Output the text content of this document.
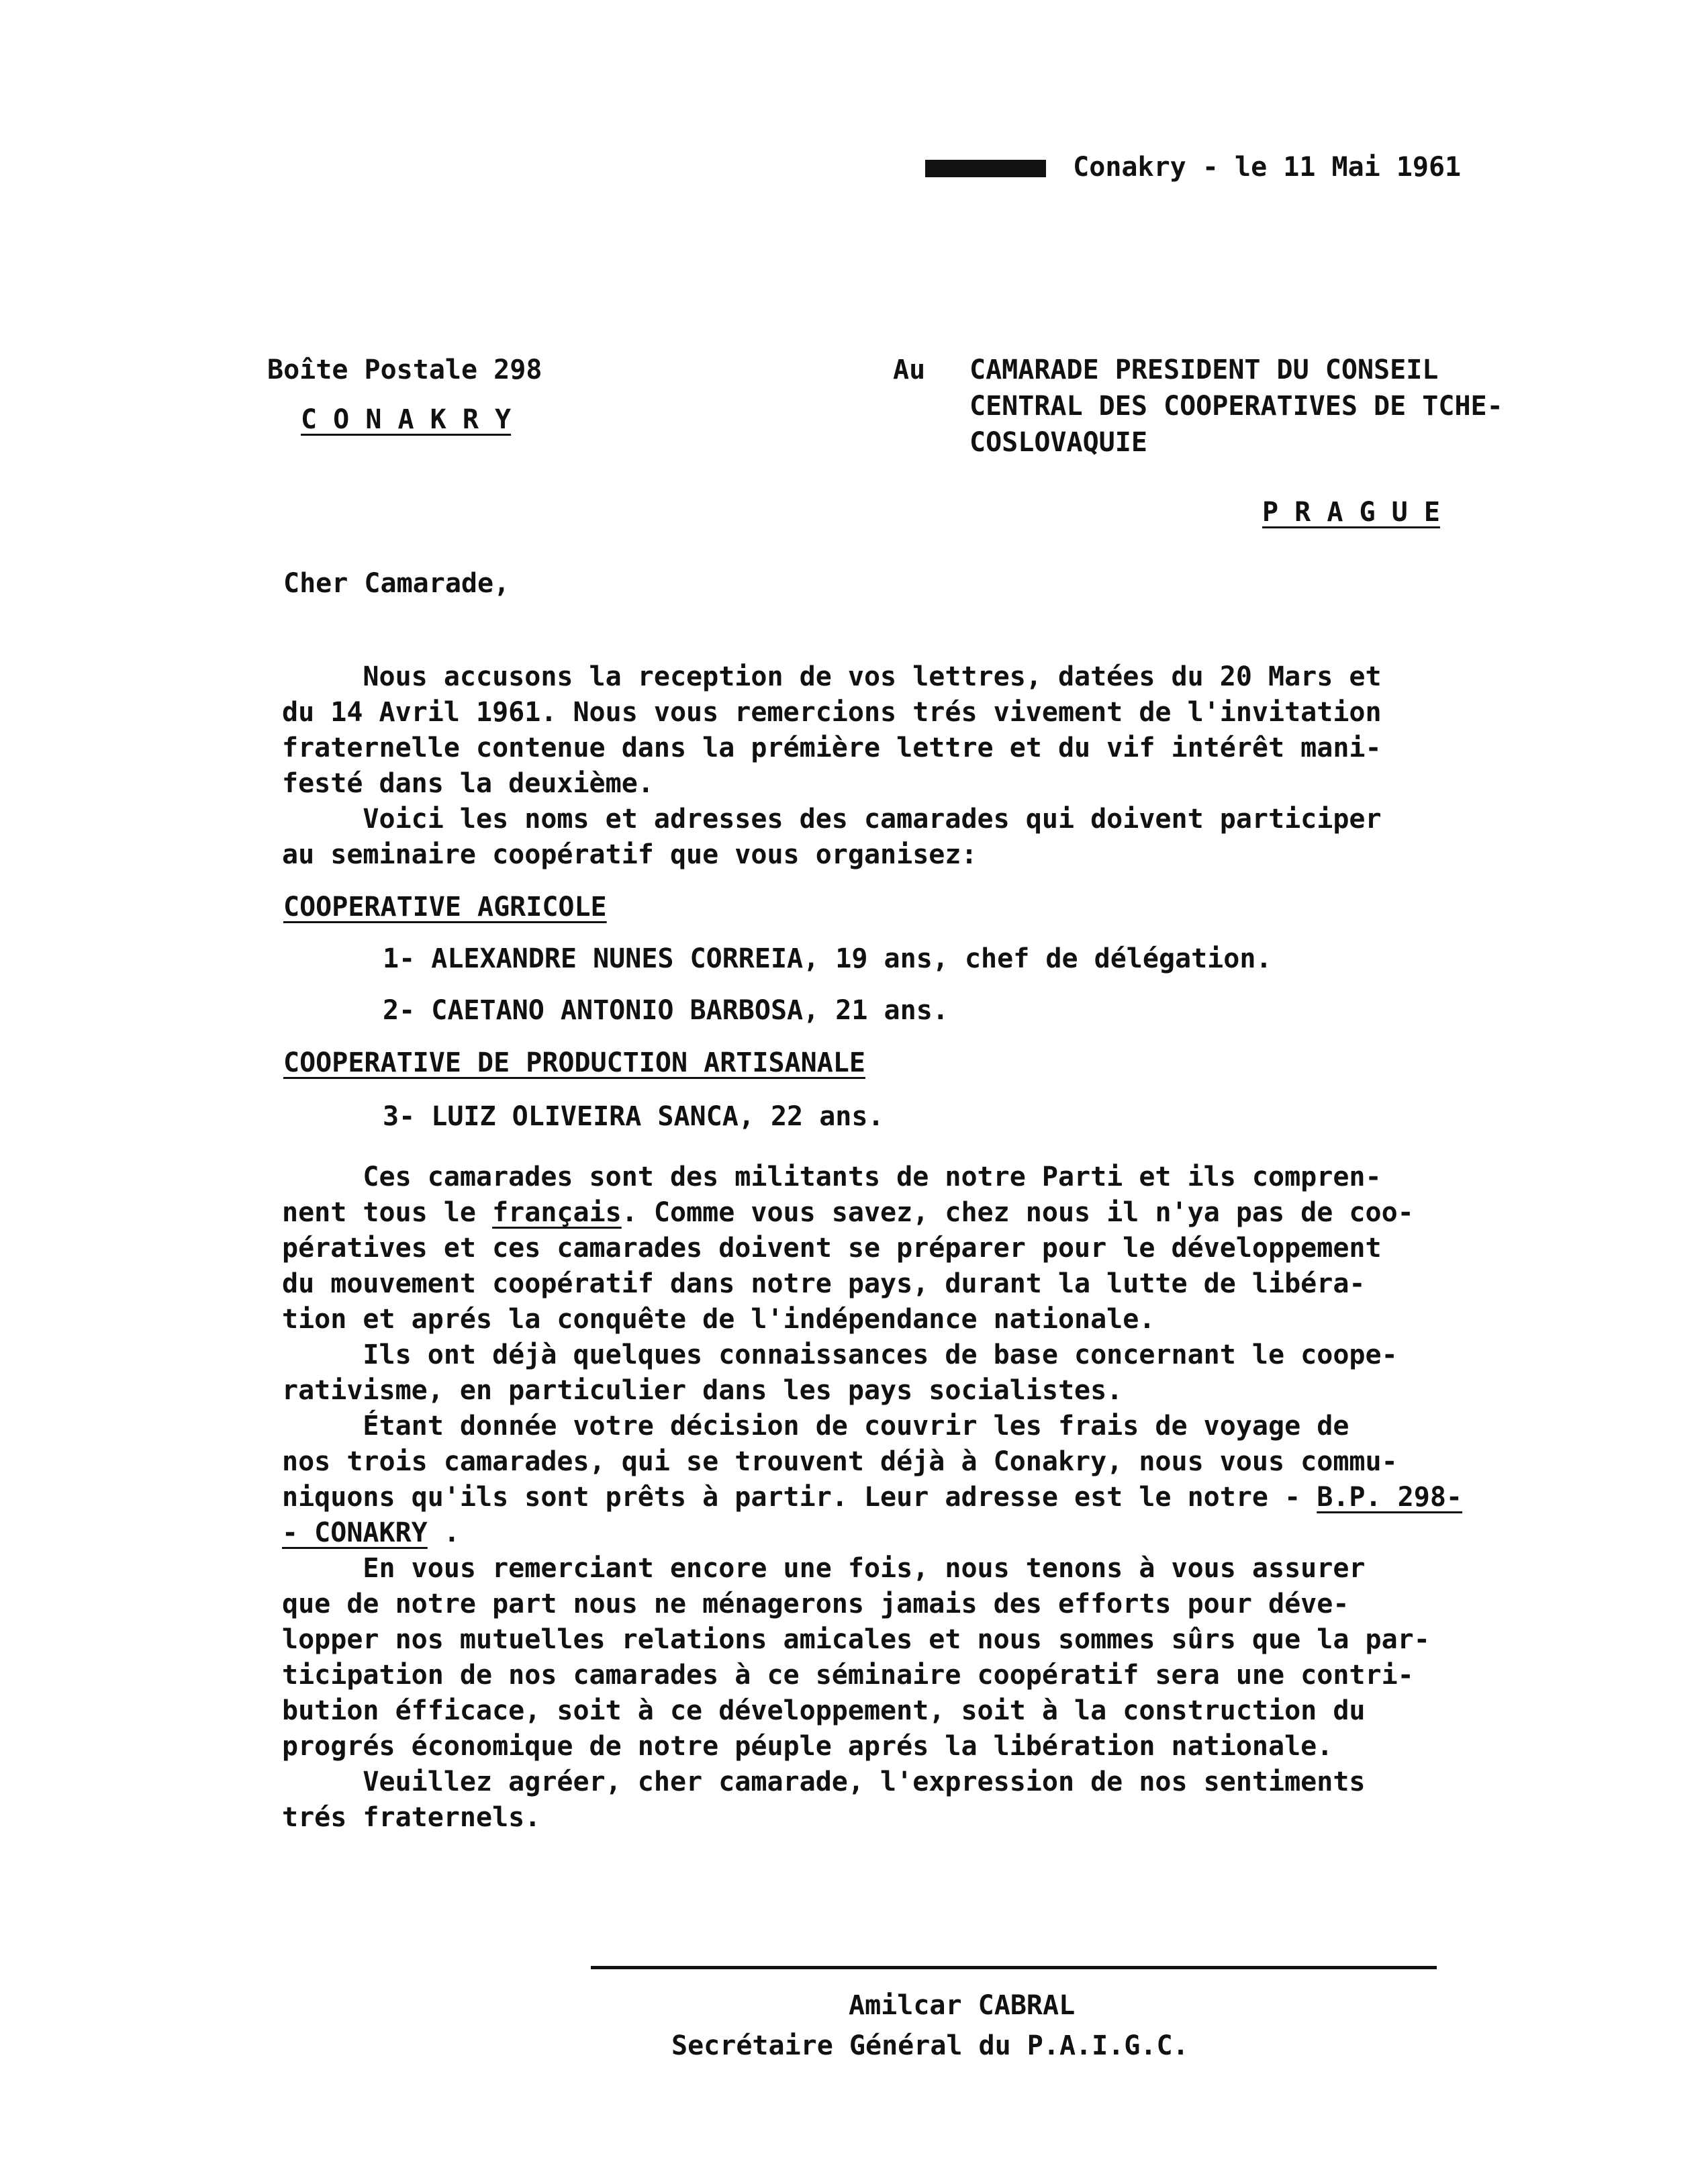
Conakry - le 11 Mai 1961

Boîte Postale 298
C O N A K R Y
Au CAMARADE PRESIDENT DU CONSEIL
CENTRAL DES COOPERATIVES DE TCHE-
COSLOVAQUIE
P R A G U E
Cher Camarade,
Nous accusons la reception de vos lettres, datées du 20 Mars et
du 14 Avril 1961. Nous vous remercions trés vivement de l'invitation
fraternelle contenue dans la prémière lettre et du vif intérêt mani-
festé dans la deuxième.
Voici les noms et adresses des camarades qui doivent participer
au seminaire coopératif que vous organisez:
COOPERATIVE AGRICOLE
1- ALEXANDRE NUNES CORREIA, 19 ans, chef de délégation.
2- CAETANO ANTONIO BARBOSA, 21 ans.
COOPERATIVE DE PRODUCTION ARTISANALE
3- LUIZ OLIVEIRA SANCA, 22 ans.
Ces camarades sont des militants de notre Parti et ils compren-
nent tous le français. Comme vous savez, chez nous il n'ya pas de coo-
pératives et ces camarades doivent se préparer pour le développement
du mouvement coopératif dans notre pays, durant la lutte de libéra-
tion et aprés la conquête de l'indépendance nationale.
Ils ont déjà quelques connaissances de base concernant le coope-
rativisme, en particulier dans les pays socialistes.
Étant donnée votre décision de couvrir les frais de voyage de
nos trois camarades, qui se trouvent déjà à Conakry, nous vous commu-
niquons qu'ils sont prêts à partir. Leur adresse est le notre - B.P. 298-
- CONAKRY .
En vous remerciant encore une fois, nous tenons à vous assurer
que de notre part nous ne ménagerons jamais des efforts pour déve-
lopper nos mutuelles relations amicales et nous sommes sûrs que la par-
ticipation de nos camarades à ce séminaire coopératif sera une contri-
bution éfficace, soit à ce développement, soit à la construction du
progrés économique de notre péuple aprés la libération nationale.
Veuillez agréer, cher camarade, l'expression de nos sentiments
trés fraternels.
Amilcar CABRAL
Secrétaire Général du P.A.I.G.C.
